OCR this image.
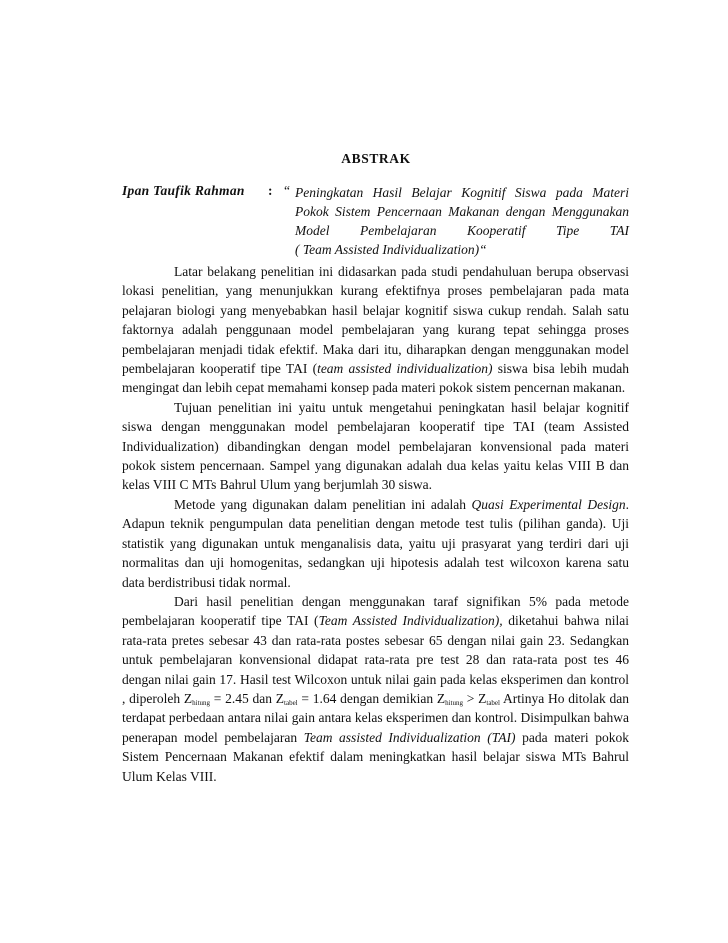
ABSTRAK
Ipan Taufik Rahman : “ Peningkatan Hasil Belajar Kognitif Siswa pada Materi Pokok Sistem Pencernaan Makanan dengan Menggunakan Model Pembelajaran Kooperatif Tipe TAI
( Team Assisted Individualization)“

Latar belakang penelitian ini didasarkan pada studi pendahuluan berupa observasi lokasi penelitian, yang menunjukkan kurang efektifnya proses pembelajaran pada mata pelajaran biologi yang menyebabkan hasil belajar kognitif siswa cukup rendah. Salah satu faktornya adalah penggunaan model pembelajaran yang kurang tepat sehingga proses pembelajaran menjadi tidak efektif. Maka dari itu, diharapkan dengan menggunakan model pembelajaran kooperatif tipe TAI (team assisted individualization) siswa bisa lebih mudah mengingat dan lebih cepat memahami konsep pada materi pokok sistem pencernan makanan.

Tujuan penelitian ini yaitu untuk mengetahui peningkatan hasil belajar kognitif siswa dengan menggunakan model pembelajaran kooperatif tipe TAI (team Assisted Individualization) dibandingkan dengan model pembelajaran konvensional pada materi pokok sistem pencernaan. Sampel yang digunakan adalah dua kelas yaitu kelas VIII B dan kelas VIII C MTs Bahrul Ulum yang berjumlah 30 siswa.

Metode yang digunakan dalam penelitian ini adalah Quasi Experimental Design. Adapun teknik pengumpulan data penelitian dengan metode test tulis (pilihan ganda). Uji statistik yang digunakan untuk menganalisis data, yaitu uji prasyarat yang terdiri dari uji normalitas dan uji homogenitas, sedangkan uji hipotesis adalah test wilcoxon karena satu data berdistribusi tidak normal.

Dari hasil penelitian dengan menggunakan taraf signifikan 5% pada metode pembelajaran kooperatif tipe TAI (Team Assisted Individualization), diketahui bahwa nilai rata-rata pretes sebesar 43 dan rata-rata postes sebesar 65 dengan nilai gain 23. Sedangkan untuk pembelajaran konvensional didapat rata-rata pre test 28 dan rata-rata post tes 46 dengan nilai gain 17. Hasil test Wilcoxon untuk nilai gain pada kelas eksperimen dan kontrol , diperoleh $Z_{hitung} = 2.45$ dan $Z_{tabel} = 1.64$ dengan demikian $Z_{hitung} > Z_{tabel}$ Artinya Ho ditolak dan terdapat perbedaan antara nilai gain antara kelas eksperimen dan kontrol. Disimpulkan bahwa penerapan model pembelajaran Team assisted Individualization (TAI) pada materi pokok Sistem Pencernaan Makanan efektif dalam meningkatkan hasil belajar siswa MTs Bahrul Ulum Kelas VIII.
